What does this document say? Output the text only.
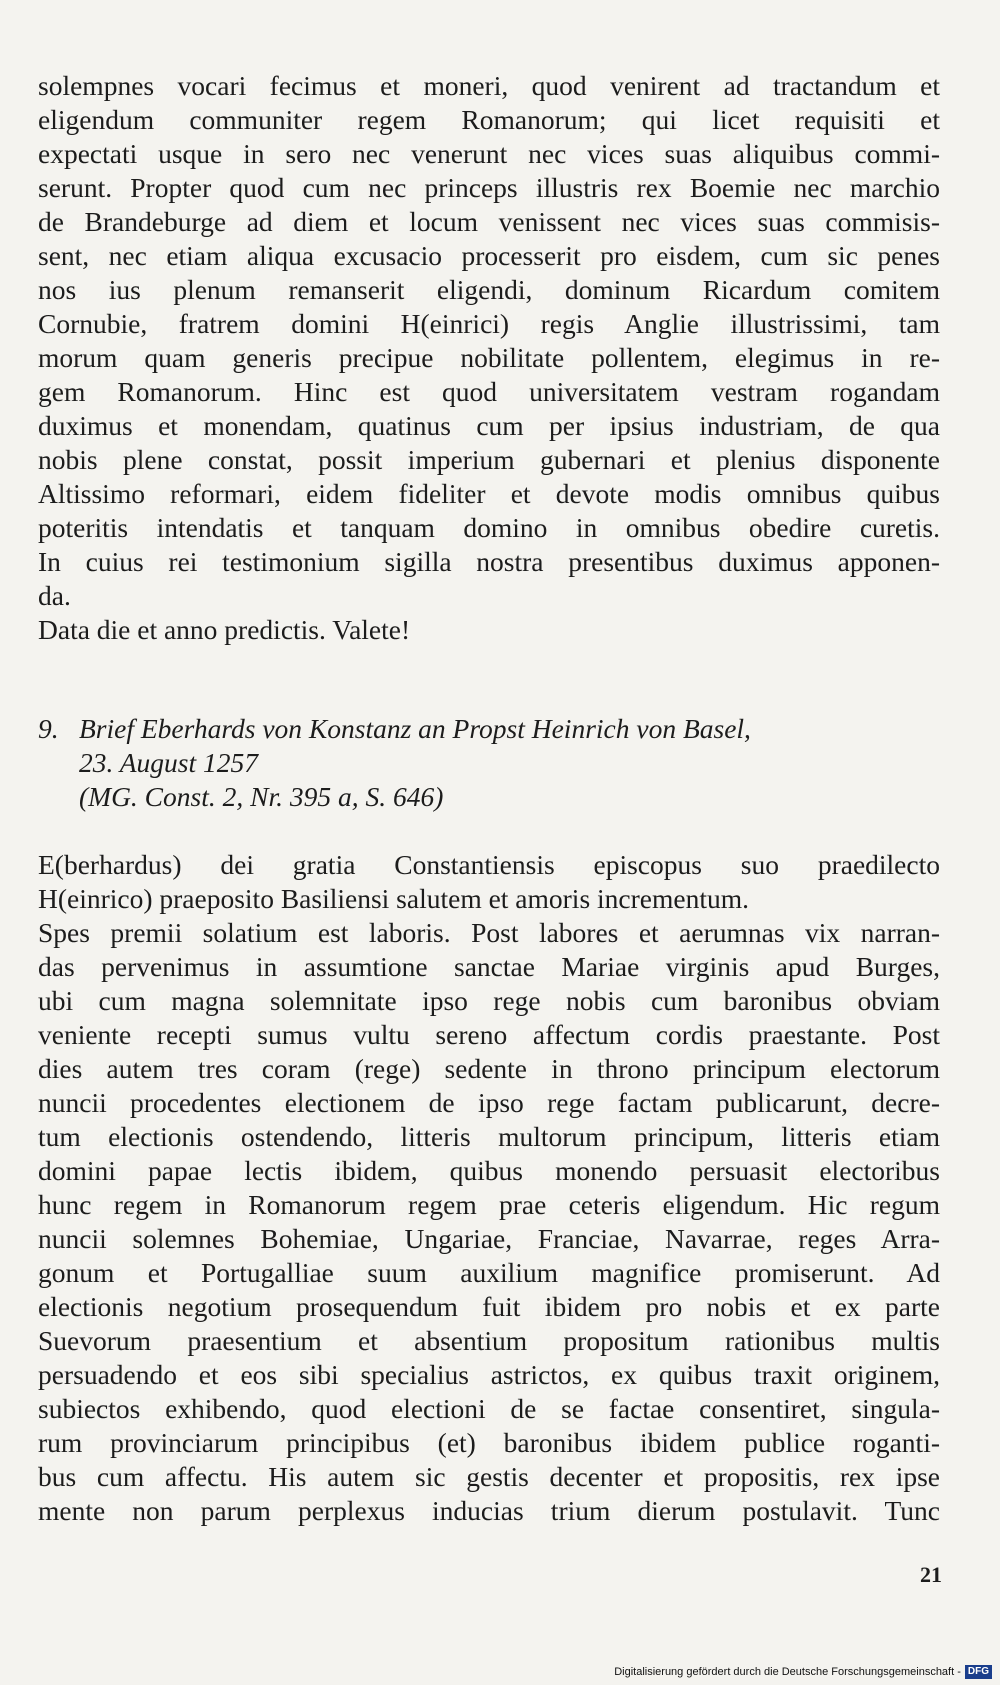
solempnes vocari fecimus et moneri, quod venirent ad tractandum et
eligendum communiter regem Romanorum; qui licet requisiti et
expectati usque in sero nec venerunt nec vices suas aliquibus commi-
serunt. Propter quod cum nec princeps illustris rex Boemie nec marchio
de Brandeburge ad diem et locum venissent nec vices suas commisis-
sent, nec etiam aliqua excusacio processerit pro eisdem, cum sic penes
nos ius plenum remanserit eligendi, dominum Ricardum comitem
Cornubie, fratrem domini H(einrici) regis Anglie illustrissimi, tam
morum quam generis precipue nobilitate pollentem, elegimus in re-
gem Romanorum. Hinc est quod universitatem vestram rogandam
duximus et monendam, quatinus cum per ipsius industriam, de qua
nobis plene constat, possit imperium gubernari et plenius disponente
Altissimo reformari, eidem fideliter et devote modis omnibus quibus
poteritis intendatis et tanquam domino in omnibus obedire curetis.
In cuius rei testimonium sigilla nostra presentibus duximus apponen-
da.
Data die et anno predictis. Valete!
9. Brief Eberhards von Konstanz an Propst Heinrich von Basel,
23. August 1257
(MG. Const. 2, Nr. 395 a, S. 646)
E(berhardus) dei gratia Constantiensis episcopus suo praedilecto
H(einrico) praeposito Basiliensi salutem et amoris incrementum.
Spes premii solatium est laboris. Post labores et aerumnas vix narran-
das pervenimus in assumtione sanctae Mariae virginis apud Burges,
ubi cum magna solemnitate ipso rege nobis cum baronibus obviam
veniente recepti sumus vultu sereno affectum cordis praestante. Post
dies autem tres coram (rege) sedente in throno principum electorum
nuncii procedentes electionem de ipso rege factam publicarunt, decre-
tum electionis ostendendo, litteris multorum principum, litteris etiam
domini papae lectis ibidem, quibus monendo persuasit electoribus
hunc regem in Romanorum regem prae ceteris eligendum. Hic regum
nuncii solemnes Bohemiae, Ungariae, Franciae, Navarrae, reges Arra-
gonum et Portugalliae suum auxilium magnifice promiserunt. Ad
electionis negotium prosequendum fuit ibidem pro nobis et ex parte
Suevorum praesentium et absentium propositum rationibus multis
persuadendo et eos sibi specialius astrictos, ex quibus traxit originem,
subiectos exhibendo, quod electioni de se factae consentiret, singula-
rum provinciarum principibus (et) baronibus ibidem publice roganti-
bus cum affectu. His autem sic gestis decenter et propositis, rex ipse
mente non parum perplexus inducias trium dierum postulavit. Tunc
21
Digitalisierung gefördert durch die Deutsche Forschungsgemeinschaft - DFG
